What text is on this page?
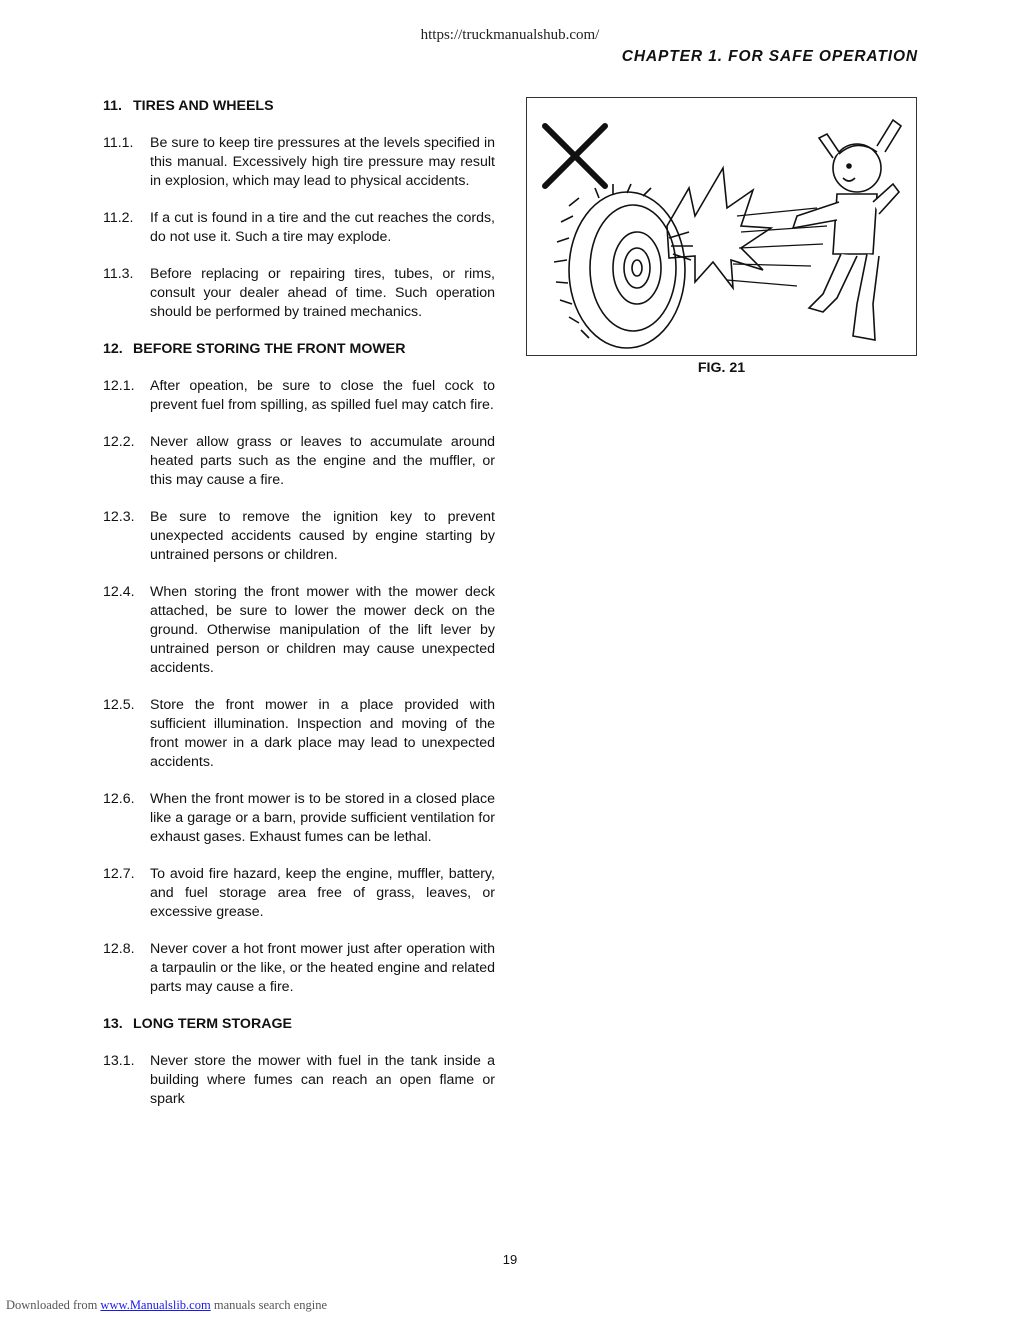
https://truckmanualshub.com/
CHAPTER 1. FOR SAFE OPERATION
11. TIRES AND WHEELS
11.1. Be sure to keep tire pressures at the levels specified in this manual. Excessively high tire pressure may result in explosion, which may lead to physical accidents.
11.2. If a cut is found in a tire and the cut reaches the cords, do not use it. Such a tire may explode.
11.3. Before replacing or repairing tires, tubes, or rims, consult your dealer ahead of time. Such operation should be performed by trained mechanics.
12. BEFORE STORING THE FRONT MOWER
12.1. After opeation, be sure to close the fuel cock to prevent fuel from spilling, as spilled fuel may catch fire.
12.2. Never allow grass or leaves to accumulate around heated parts such as the engine and the muffler, or this may cause a fire.
12.3. Be sure to remove the ignition key to prevent unexpected accidents caused by engine starting by untrained persons or children.
12.4. When storing the front mower with the mower deck attached, be sure to lower the mower deck on the ground. Otherwise manipulation of the lift lever by untrained person or children may cause unexpected accidents.
12.5. Store the front mower in a place provided with sufficient illumination. Inspection and moving of the front mower in a dark place may lead to unexpected accidents.
12.6. When the front mower is to be stored in a closed place like a garage or a barn, provide sufficient ventilation for exhaust gases. Exhaust fumes can be lethal.
12.7. To avoid fire hazard, keep the engine, muffler, battery, and fuel storage area free of grass, leaves, or excessive grease.
12.8. Never cover a hot front mower just after operation with a tarpaulin or the like, or the heated engine and related parts may cause a fire.
13. LONG TERM STORAGE
13.1. Never store the mower with fuel in the tank inside a building where fumes can reach an open flame or spark
FIG. 21
19
Downloaded from www.Manualslib.com manuals search engine
